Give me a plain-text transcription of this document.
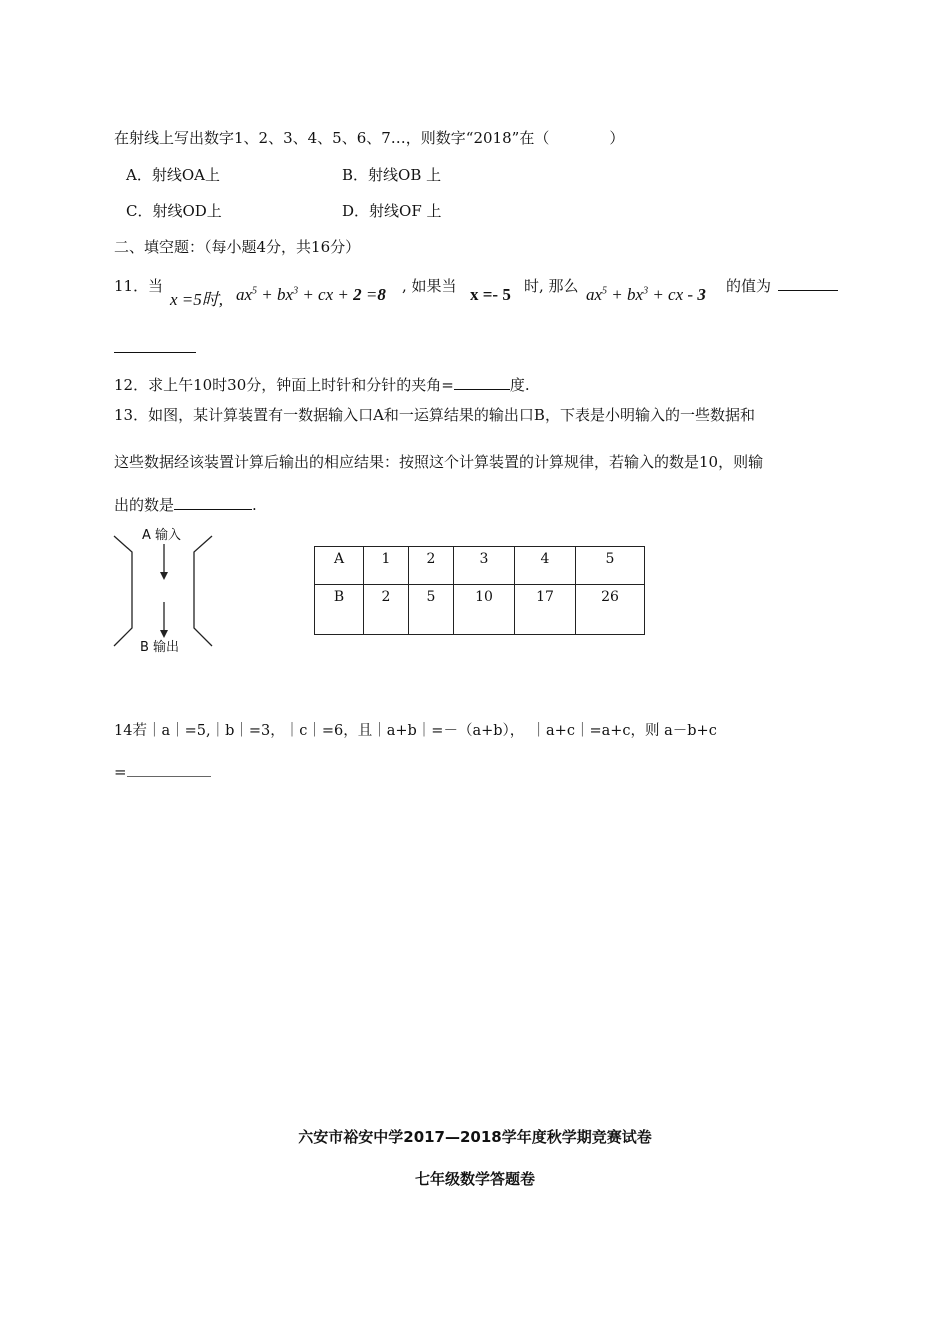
在射线上写出数字1、2、3、4、5、6、7…，则数字“2018”在（　　　　）
A．射线OA上	B．射线OB 上
C．射线OD上	D．射线OF 上
二、填空题：（每小题4分，共16分）
11． 当
x =5时, $ax^5 + bx^3$ + cx + 2 =8 , 如果当 x =- 5 时, 那么 $ax^5 + bx^3$ + cx - 3 的值为
12．求上午10时30分，钟面上时针和分针的夹角=	度.
13．如图，某计算装置有一数据输入口A和一运算结果的输出口B，下表是小明输入的一些数据和
这些数据经该装置计算后输出的相应结果：按照这个计算装置的计算规律，若输入的数是10，则输
出的数是	.
A 输入
B 输出
A	1	2	3	4	5
B	2	5	10	17	26
14若｜a｜=5,｜b｜=3，｜c｜=6，且｜a+b｜=－（a+b），　｜a+c｜=a+c，则 a－b+c
=
六安市裕安中学2017—2018学年度秋学期竞赛试卷
七年级数学答题卷
